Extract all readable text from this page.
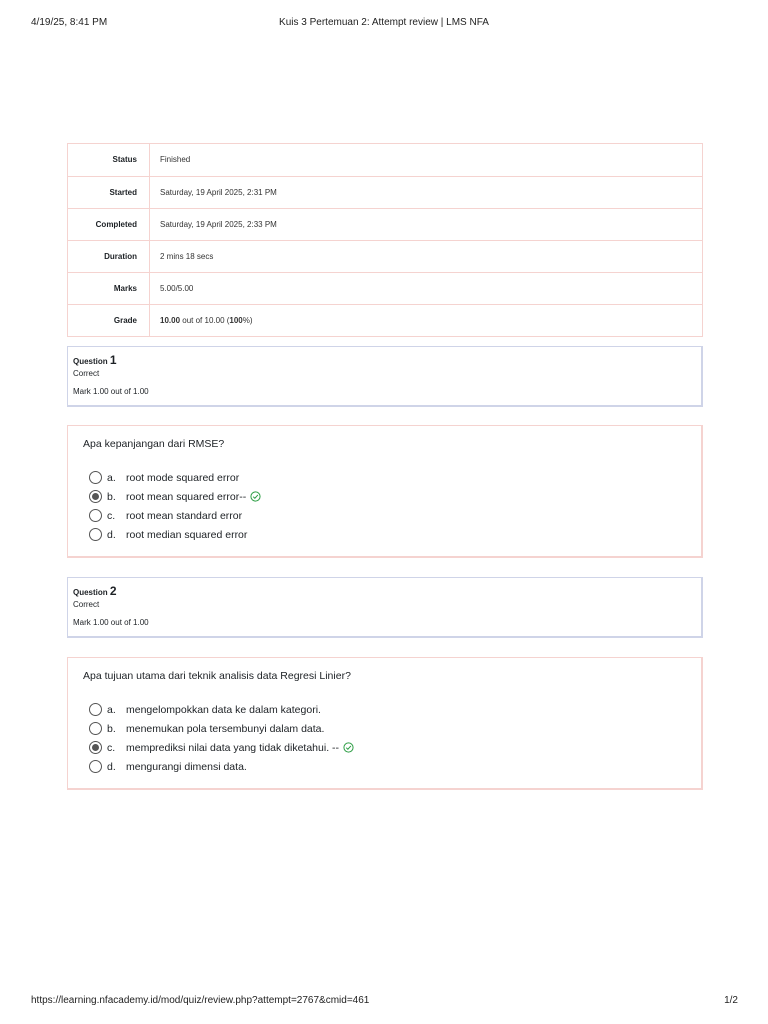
4/19/25, 8:41 PM	Kuis 3 Pertemuan 2: Attempt review | LMS NFA
Status	Finished
Started	Saturday, 19 April 2025, 2:31 PM
Completed	Saturday, 19 April 2025, 2:33 PM
Duration	2 mins 18 secs
Marks	5.00/5.00
Grade	10.00 out of 10.00 (100%)
Question 1
Correct
Mark 1.00 out of 1.00
Apa kepanjangan dari RMSE?
a. root mode squared error
b. root mean squared error--
c.	root mean standard error
d. root median squared error
Question 2
Correct
Mark 1.00 out of 1.00
Apa tujuan utama dari teknik analisis data Regresi Linier?
a. mengelompokkan data ke dalam kategori.
b. menemukan pola tersembunyi dalam data.
c.	memprediksi nilai data yang tidak diketahui. --
d. mengurangi dimensi data.
https://learning.nfacademy.id/mod/quiz/review.php?attempt=2767&cmid=461	1/2
